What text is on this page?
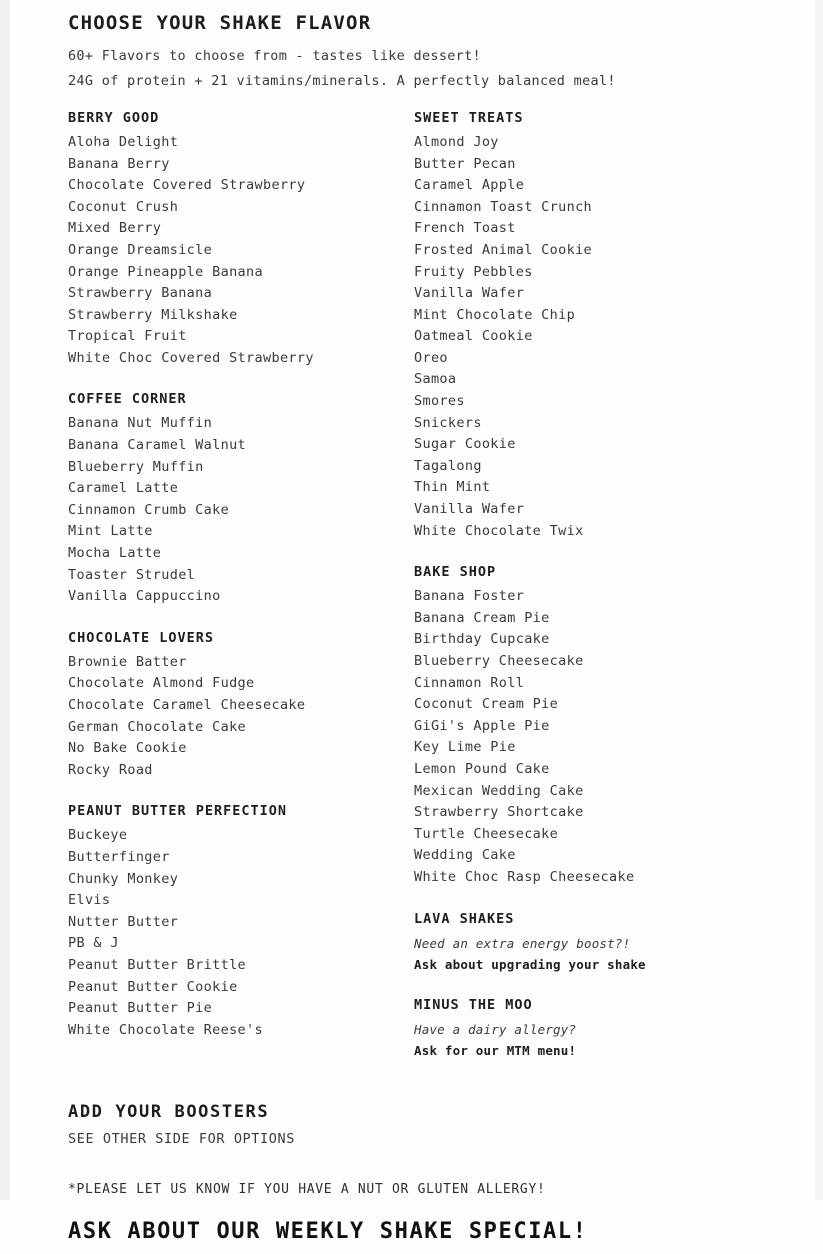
CHOOSE YOUR SHAKE FLAVOR
60+ Flavors to choose from - tastes like dessert!
24G of protein + 21 vitamins/minerals. A perfectly balanced meal!
BERRY GOOD
Aloha Delight
Banana Berry
Chocolate Covered Strawberry
Coconut Crush
Mixed Berry
Orange Dreamsicle
Orange Pineapple Banana
Strawberry Banana
Strawberry Milkshake
Tropical Fruit
White Choc Covered Strawberry
COFFEE CORNER
Banana Nut Muffin
Banana Caramel Walnut
Blueberry Muffin
Caramel Latte
Cinnamon Crumb Cake
Mint Latte
Mocha Latte
Toaster Strudel
Vanilla Cappuccino
CHOCOLATE LOVERS
Brownie Batter
Chocolate Almond Fudge
Chocolate Caramel Cheesecake
German Chocolate Cake
No Bake Cookie
Rocky Road
PEANUT BUTTER PERFECTION
Buckeye
Butterfinger
Chunky Monkey
Elvis
Nutter Butter
PB & J
Peanut Butter Brittle
Peanut Butter Cookie
Peanut Butter Pie
White Chocolate Reese's
SWEET TREATS
Almond Joy
Butter Pecan
Caramel Apple
Cinnamon Toast Crunch
French Toast
Frosted Animal Cookie
Fruity Pebbles
Vanilla Wafer
Mint Chocolate Chip
Oatmeal Cookie
Oreo
Samoa
Smores
Snickers
Sugar Cookie
Tagalong
Thin Mint
Vanilla Wafer
White Chocolate Twix
BAKE SHOP
Banana Foster
Banana Cream Pie
Birthday Cupcake
Blueberry Cheesecake
Cinnamon Roll
Coconut Cream Pie
GiGi's Apple Pie
Key Lime Pie
Lemon Pound Cake
Mexican Wedding Cake
Strawberry Shortcake
Turtle Cheesecake
Wedding Cake
White Choc Rasp Cheesecake
LAVA SHAKES
Need an extra energy boost?!
Ask about upgrading your shake
MINUS THE MOO
Have a dairy allergy?
Ask for our MTM menu!
ADD YOUR BOOSTERS
SEE OTHER SIDE FOR OPTIONS
*PLEASE LET US KNOW IF YOU HAVE A NUT OR GLUTEN ALLERGY!
ASK ABOUT OUR WEEKLY SHAKE SPECIAL!
